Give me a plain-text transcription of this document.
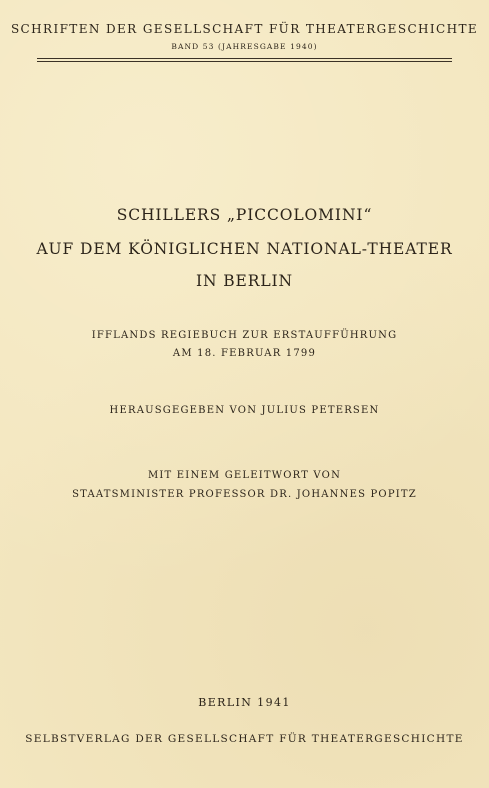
SCHRIFTEN DER GESELLSCHAFT FÜR THEATERGESCHICHTE
BAND 53 (JAHRESGABE 1940)
SCHILLERS „PICCOLOMINI“
AUF DEM KÖNIGLICHEN NATIONAL-THEATER
IN BERLIN
IFFLANDS REGIEBUCH ZUR ERSTAUFFÜHRUNG
AM 18. FEBRUAR 1799
HERAUSGEGEBEN VON JULIUS PETERSEN
MIT EINEM GELEITWORT VON
STAATSMINISTER PROFESSOR DR. JOHANNES POPITZ
BERLIN 1941
SELBSTVERLAG DER GESELLSCHAFT FÜR THEATERGESCHICHTE
